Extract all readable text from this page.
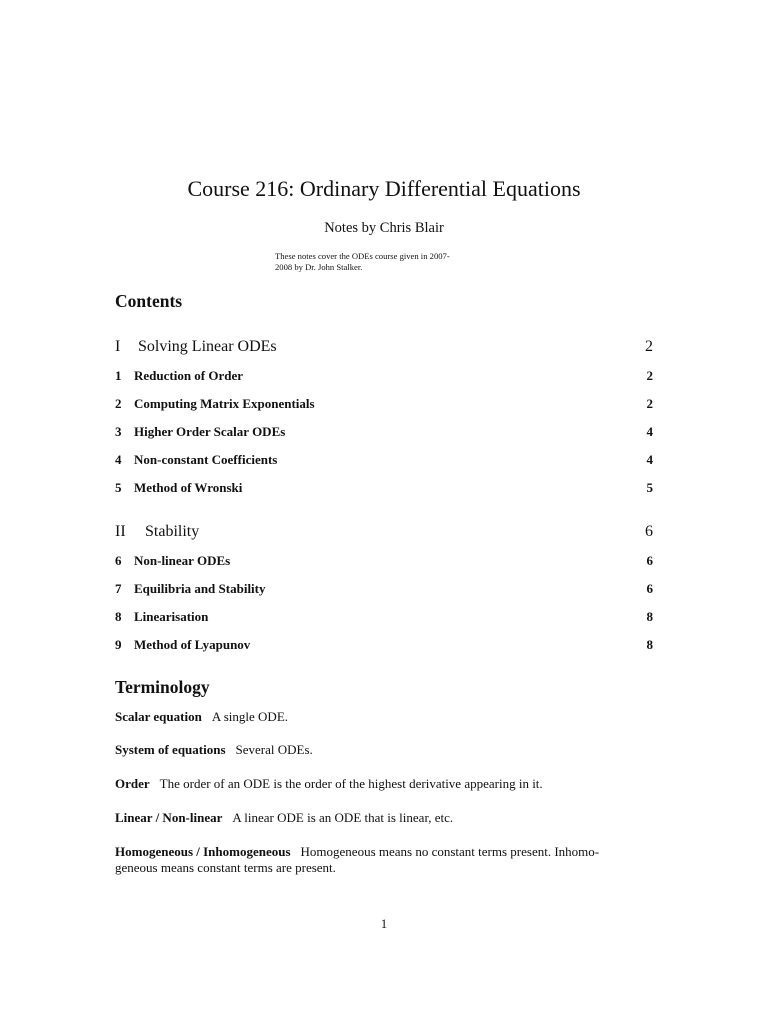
Course 216: Ordinary Differential Equations
Notes by Chris Blair
These notes cover the ODEs course given in 2007-
2008 by Dr. John Stalker.
Contents
I Solving Linear ODEs	2
1 Reduction of Order	2
2 Computing Matrix Exponentials	2
3 Higher Order Scalar ODEs	4
4 Non-constant Coefficients	4
5 Method of Wronski	5
II Stability	6
6 Non-linear ODEs	6
7 Equilibria and Stability	6
8 Linearisation	8
9 Method of Lyapunov	8
Terminology
Scalar equation A single ODE.
System of equations Several ODEs.
Order The order of an ODE is the order of the highest derivative appearing in it.
Linear / Non-linear A linear ODE is an ODE that is linear, etc.
Homogeneous / Inhomogeneous Homogeneous means no constant terms present. Inhomo-
geneous means constant terms are present.
1
